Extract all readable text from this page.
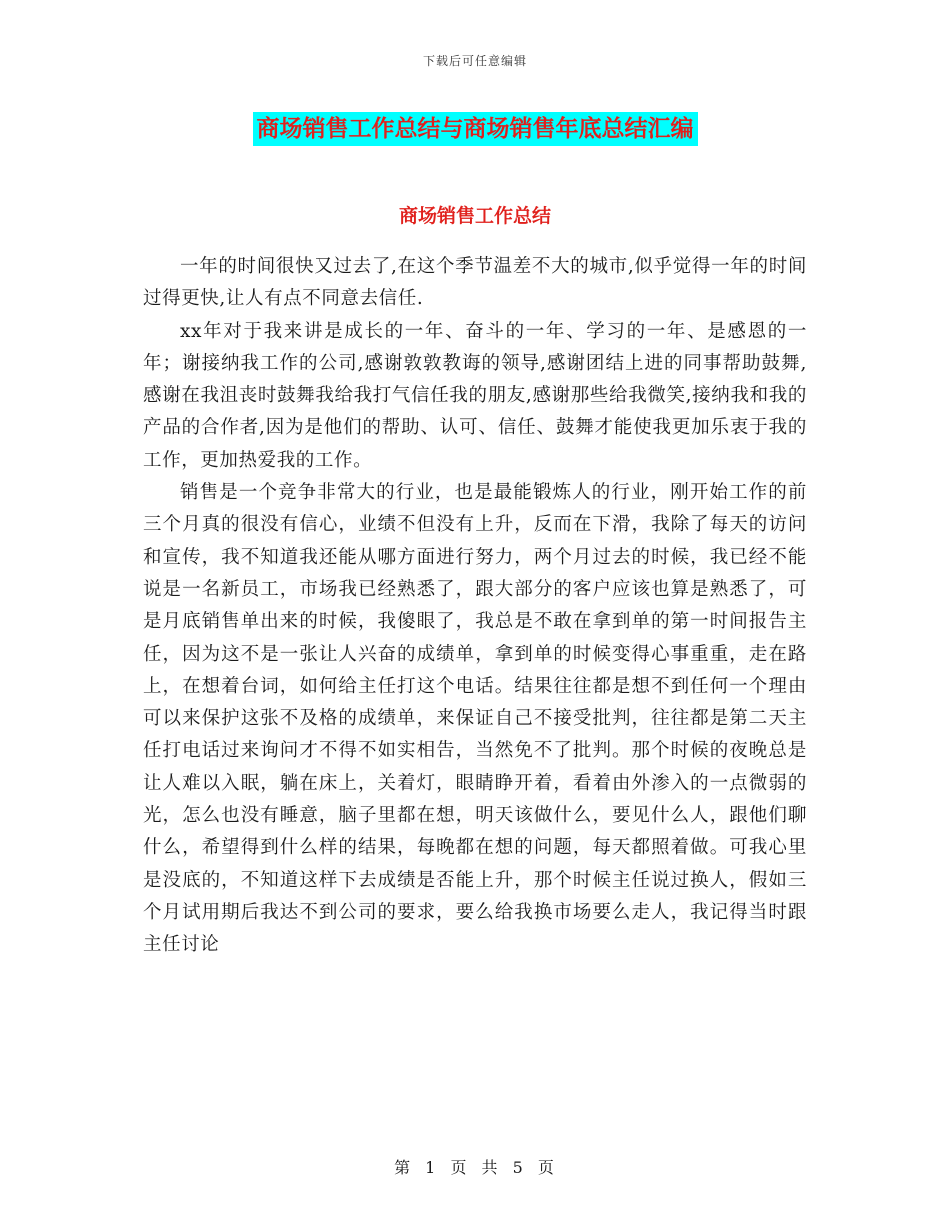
下载后可任意编辑
商场销售工作总结与商场销售年底总结汇编
商场销售工作总结

一年的时间很快又过去了,在这个季节温差不大的城市,似乎觉得一年的时间过得更快,让人有点不同意去信任.

xx年对于我来讲是成长的一年、奋斗的一年、学习的一年、是感恩的一年；谢接纳我工作的公司,感谢敦敦教诲的领导,感谢团结上进的同事帮助鼓舞,感谢在我沮丧时鼓舞我给我打气信任我的朋友,感谢那些给我微笑,接纳我和我的产品的合作者,因为是他们的帮助、认可、信任、鼓舞才能使我更加乐衷于我的工作，更加热爱我的工作。

销售是一个竞争非常大的行业，也是最能锻炼人的行业，刚开始工作的前三个月真的很没有信心，业绩不但没有上升，反而在下滑，我除了每天的访问和宣传，我不知道我还能从哪方面进行努力，两个月过去的时候，我已经不能说是一名新员工，市场我已经熟悉了，跟大部分的客户应该也算是熟悉了，可是月底销售单出来的时候，我傻眼了，我总是不敢在拿到单的第一时间报告主任，因为这不是一张让人兴奋的成绩单，拿到单的时候变得心事重重，走在路上，在想着台词，如何给主任打这个电话。结果往往都是想不到任何一个理由可以来保护这张不及格的成绩单，来保证自己不接受批判，往往都是第二天主任打电话过来询问才不得不如实相告，当然免不了批判。那个时候的夜晚总是让人难以入眠，躺在床上，关着灯，眼睛睁开着，看着由外渗入的一点微弱的光，怎么也没有睡意，脑子里都在想，明天该做什么，要见什么人，跟他们聊什么，希望得到什么样的结果，每晚都在想的问题，每天都照着做。可我心里是没底的，不知道这样下去成绩是否能上升，那个时候主任说过换人，假如三个月试用期后我达不到公司的要求，要么给我换市场要么走人，我记得当时跟主任讨论

第 1 页 共 5 页
